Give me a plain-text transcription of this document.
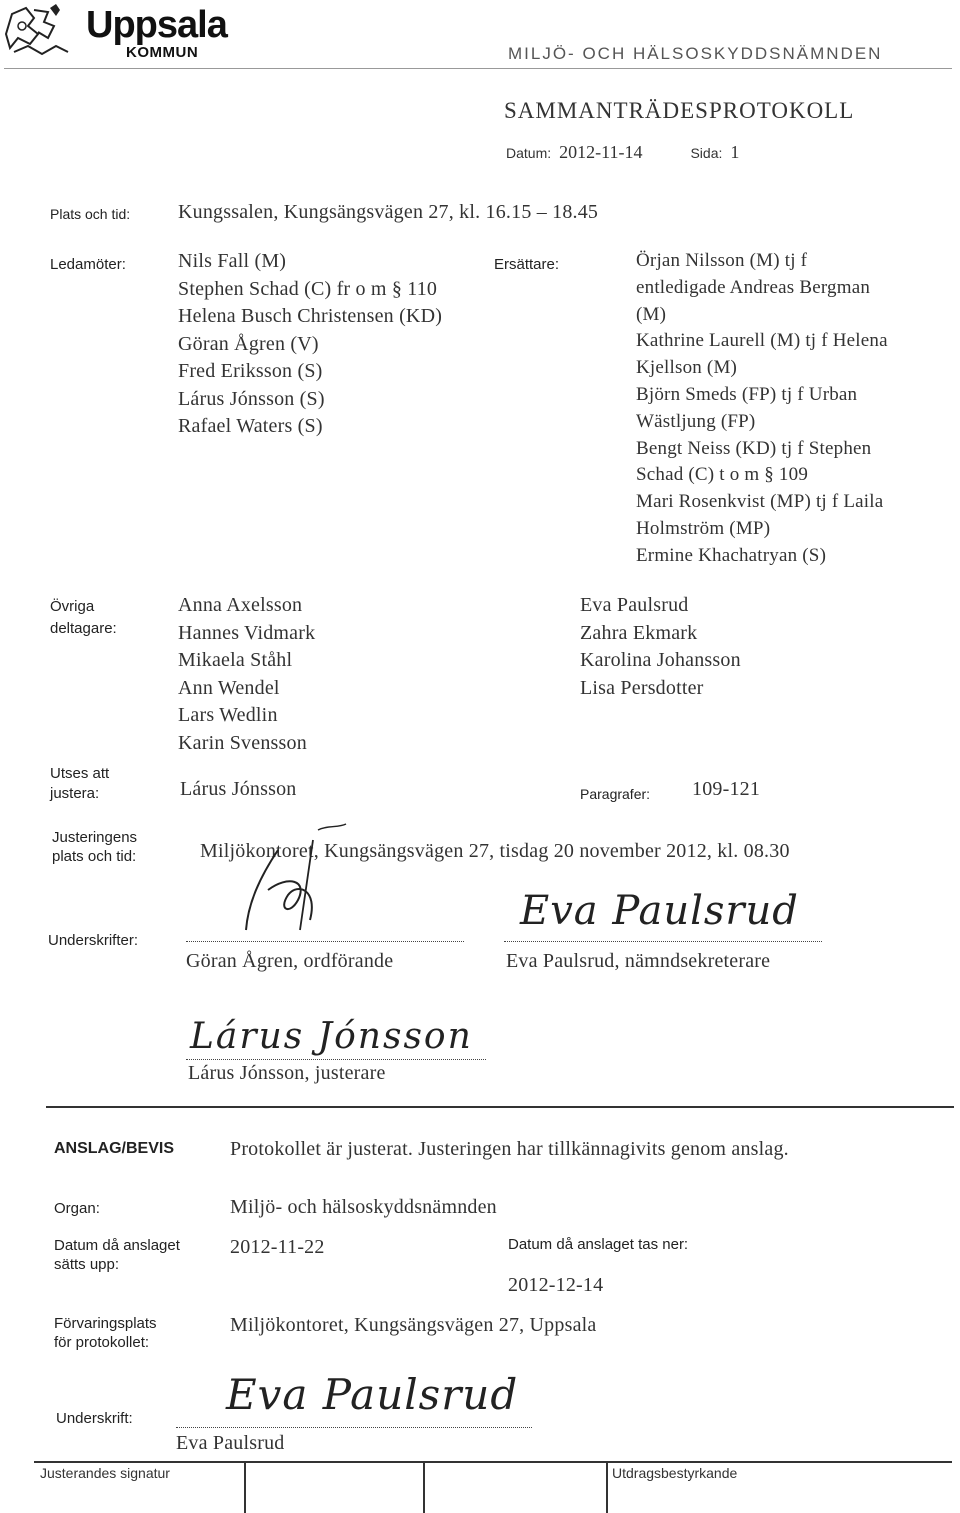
Uppsala
KOMMUN	MILJÖ- OCH HÄLSOSKYDDSNÄMNDEN
SAMMANTRÄDESPROTOKOLL
Datum: 2012-11-14	Sida: 1
Plats och tid: Kungssalen, Kungsängsvägen 27, kl. 16.15 – 18.45
Ledamöter:	Nils Fall (M)
Stephen Schad (C) fr o m § 110
Helena Busch Christensen (KD)
Göran Ågren (V)
Fred Eriksson (S)
Lárus Jónsson (S)
Rafael Waters (S)
Ersättare:	Örjan Nilsson (M) tj f
entledigade Andreas Bergman
(M)
Kathrine Laurell (M) tj f Helena
Kjellson (M)
Björn Smeds (FP) tj f Urban
Wästljung (FP)
Bengt Neiss (KD) tj f Stephen
Schad (C) t o m § 109
Mari Rosenkvist (MP) tj f Laila
Holmström (MP)
Ermine Khachatryan (S)
Övriga
deltagare:
Anna Axelsson
Hannes Vidmark
Mikaela Ståhl
Ann Wendel
Lars Wedlin
Karin Svensson
Eva Paulsrud
Zahra Ekmark
Karolina Johansson
Lisa Persdotter
Utses att
justera:	Lárus Jónsson	Paragrafer: 109-121
Justeringens
plats och tid:	Miljökontoret, Kungsängsvägen 27, tisdag 20 november 2012, kl. 08.30
Underskrifter:
Göran Ågren, ordförande
Eva Paulsrud
Eva Paulsrud, nämndsekreterare
Lárus Jónsson
Lárus Jónsson, justerare
ANSLAG/BEVIS	Protokollet är justerat. Justeringen har tillkännagivits genom anslag.
Organ:	Miljö- och hälsoskyddsnämnden
Datum då anslaget
sätts upp:
2012-11-22	Datum då anslaget tas ner:
2012-12-14
Förvaringsplats
för protokollet:
Miljökontoret, Kungsängsvägen 27, Uppsala
Underskrift: Eva Paulsrud
Eva Paulsrud
Justerandes signatur	Utdragsbestyrkande
